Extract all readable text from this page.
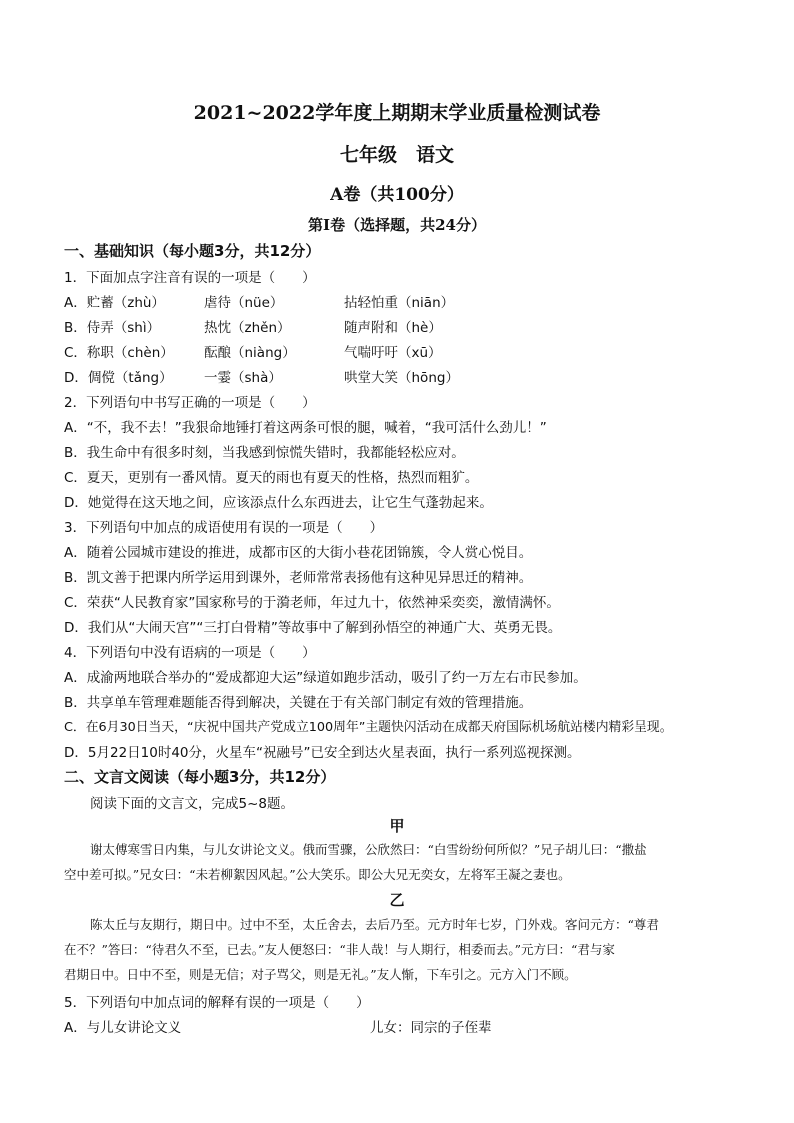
2021~2022学年度上期期末学业质量检测试卷
七年级　语文
A卷（共100分）
第Ⅰ卷（选择题，共24分）
一、基础知识（每小题3分，共12分）
1．下面加点字注音有误的一项是（　　）
A．贮蓄（zhù）	虐待（nüe）	拈轻怕重（niān）
B．侍弄（shì）	热忱（zhěn）	随声附和（hè）
C．称职（chèn） 酝酿（niàng）	气喘吁吁（xū）
D．倜傥（tǎng） 一霎（shà）	哄堂大笑（hōng）
2．下列语句中书写正确的一项是（　　）
A．“不，我不去！”我狠命地锤打着这两条可恨的腿，喊着，“我可活什么劲儿！”
B．我生命中有很多时刻，当我感到惊慌失错时，我都能轻松应对。
C．夏天，更别有一番风情。夏天的雨也有夏天的性格，热烈而粗犷。
D．她觉得在这天地之间，应该添点什么东西进去，让它生气蓬勃起来。
3．下列语句中加点的成语使用有误的一项是（　　）
A．随着公园城市建设的推进，成都市区的大街小巷花团锦簇，令人赏心悦目。
B．凯文善于把课内所学运用到课外，老师常常表扬他有这种见异思迁的精神。
C．荣获“人民教育家”国家称号的于漪老师，年过九十，依然神采奕奕，激情满怀。
D．我们从“大闹天宫”“三打白骨精”等故事中了解到孙悟空的神通广大、英勇无畏。
4．下列语句中没有语病的一项是（　　）
A．成渝两地联合举办的“爱成都迎大运”绿道如跑步活动，吸引了约一万左右市民参加。
B．共享单车管理难题能否得到解决，关键在于有关部门制定有效的管理措施。
C．在6月30日当天，“庆祝中国共产党成立100周年”主题快闪活动在成都天府国际机场航站楼内精彩呈现。
D．5月22日10时40分，火星车“祝融号”已安全到达火星表面，执行一系列巡视探测。
二、文言文阅读（每小题3分，共12分）
阅读下面的文言文，完成5~8题。
甲
谢太傅寒雪日内集，与儿女讲论文义。俄而雪骤，公欣然曰：“白雪纷纷何所似？”兄子胡儿曰：“撒盐
空中差可拟。”兄女曰：“未若柳絮因风起。”公大笑乐。即公大兄无奕女，左将军王凝之妻也。
乙
陈太丘与友期行，期日中。过中不至，太丘舍去，去后乃至。元方时年七岁，门外戏。客问元方：“尊君
在不？”答曰：“待君久不至，已去。”友人便怒曰：“非人哉！与人期行，相委而去。”元方曰：“君与家
君期日中。日中不至，则是无信；对子骂父，则是无礼。”友人惭，下车引之。元方入门不顾。
5．下列语句中加点词的解释有误的一项是（　　）
A．与儿女讲论文义	儿女：同宗的子侄辈
